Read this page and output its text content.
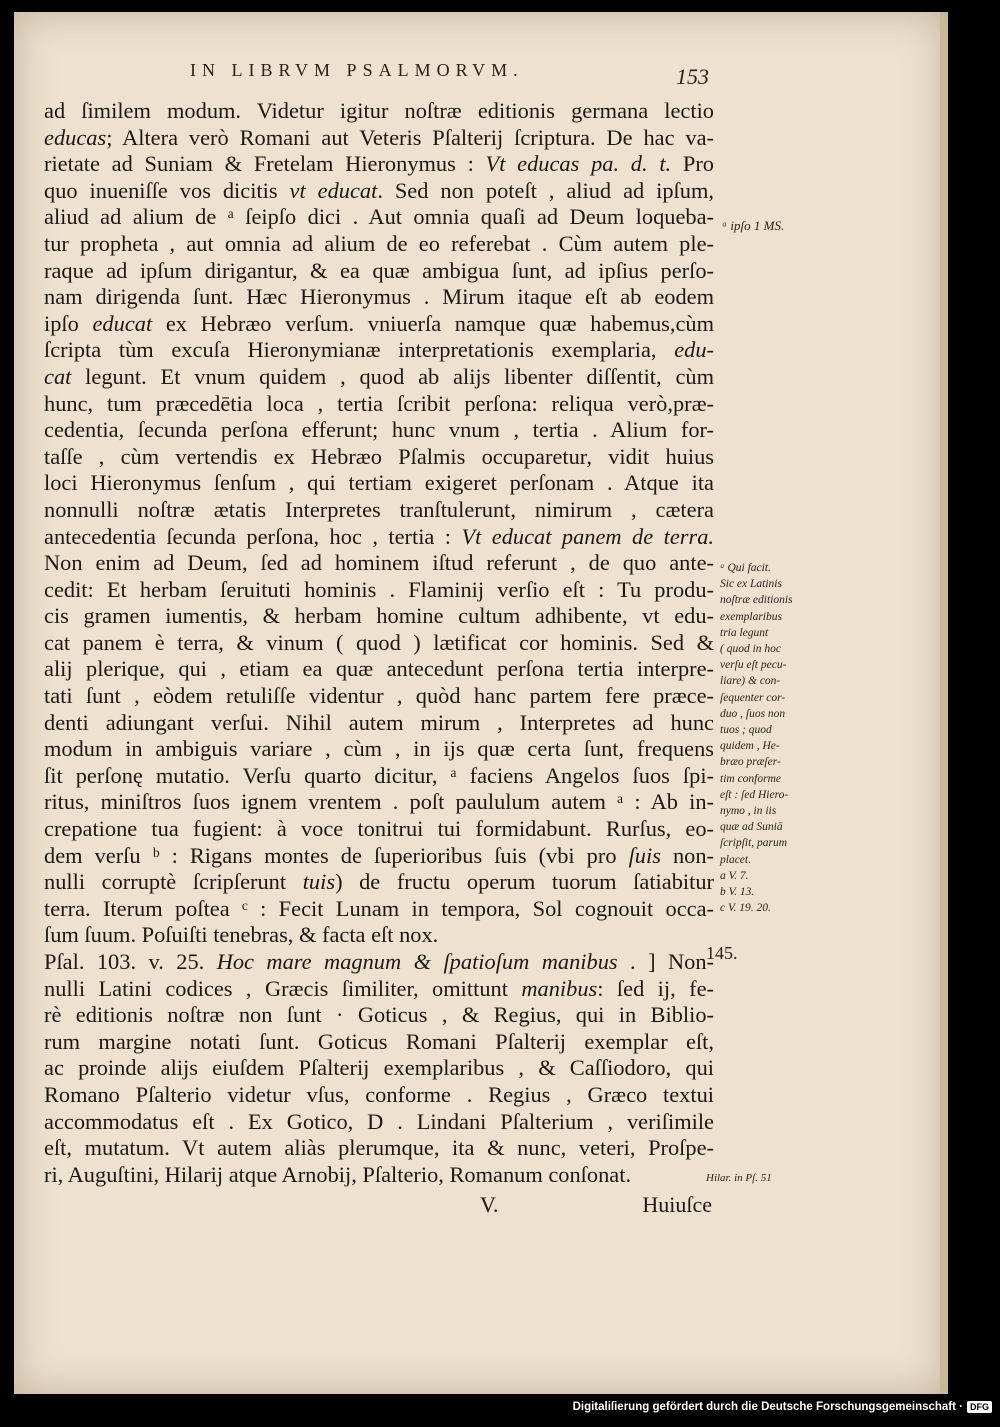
IN LIBRVM PSALMORVM.	153
ad ſimilem modum. Videtur igitur noſtræ editionis germana lectio
educas; Altera verò Romani aut Veteris Pſalterij ſcriptura. De hac va-
rietate ad Suniam & Fretelam Hieronymus : Vt educas pa. d. t. Pro
quo inueniſſe vos dicitis vt educat. Sed non poteſt , aliud ad ipſum,
aliud ad alium de ᵃ ſeipſo dici . Aut omnia quaſi ad Deum loqueba-
tur propheta , aut omnia ad alium de eo referebat . Cùm autem ple-
raque ad ipſum dirigantur, & ea quæ ambigua ſunt, ad ipſius perſo-
nam dirigenda ſunt. Hæc Hieronymus . Mirum itaque eſt ab eodem
ipſo educat ex Hebræo verſum. vniuerſa namque quæ habemus,cùm
ſcripta tùm excuſa Hieronymianæ interpretationis exemplaria, edu-
cat legunt. Et vnum quidem , quod ab alijs libenter diſſentit, cùm
hunc, tum præcedētia loca , tertia ſcribit perſona: reliqua verò,præ-
cedentia, ſecunda perſona efferunt; hunc vnum , tertia . Alium for-
taſſe , cùm vertendis ex Hebræo Pſalmis occuparetur, vidit huius
loci Hieronymus ſenſum , qui tertiam exigeret perſonam . Atque ita
nonnulli noſtræ ætatis Interpretes tranſtulerunt, nimirum , cætera
antecedentia ſecunda perſona, hoc , tertia : Vt educat panem de terra.
Non enim ad Deum, ſed ad hominem iſtud referunt , de quo ante-
cedit: Et herbam ſeruituti hominis . Flaminij verſio eſt : Tu produ-
cis gramen iumentis, & herbam homine cultum adhibente, vt edu-
cat panem è terra, & vinum ( quod ) lætificat cor hominis. Sed &
alij plerique, qui , etiam ea quæ antecedunt perſona tertia interpre-
tati ſunt , eòdem retuliſſe videntur , quòd hanc partem fere præce-
denti adiungant verſui. Nihil autem mirum , Interpretes ad hunc
modum in ambiguis variare , cùm , in ijs quæ certa ſunt, frequens
ſit perſonę mutatio. Verſu quarto dicitur, ᵃ faciens Angelos ſuos ſpi-
ritus, miniſtros ſuos ignem vrentem . poſt paululum autem ᵃ : Ab in-
crepatione tua fugient: à voce tonitrui tui formidabunt. Rurſus, eo-
dem verſu ᵇ : Rigans montes de ſuperioribus ſuis (vbi pro ſuis non-
nulli corruptè ſcripſerunt tuis) de fructu operum tuorum ſatiabitur
terra. Iterum poſtea ᶜ : Fecit Lunam in tempora, Sol cognouit occa-
ſum ſuum. Poſuiſti tenebras, & facta eſt nox.
Pſal. 103. v. 25. Hoc mare magnum & ſpatioſum manibus . ] Non-
nulli Latini codices , Græcis ſimiliter, omittunt manibus: ſed ij, fe-
rè editionis noſtræ non ſunt · Goticus , & Regius, qui in Biblio-
rum margine notati ſunt. Goticus Romani Pſalterij exemplar eſt,
ac proinde alijs eiuſdem Pſalterij exemplaribus , & Caſſiodoro, qui
Romano Pſalterio videtur vſus, conforme . Regius , Græco textui
accommodatus eſt . Ex Gotico, D . Lindani Pſalterium , veriſimile
eſt, mutatum. Vt autem aliàs plerumque, ita & nunc, veteri, Proſpe-
ri, Auguſtini, Hilarij atque Arnobij, Pſalterio, Romanum conſonat.
ᵃ ipſo 1 MS.
ᵃ Qui facit.
Sic ex Latinis
noſtræ editionis
exemplaribus
tria legunt
( quod in hoc
verſu eſt pecu-
liare) & con-
ſequenter cor-
duo , ſuos non
tuos ; quod
quidem , He-
bræo præſer-
tim conforme
eſt : ſed Hiero-
nymo , in iis
quæ ad Suniā
ſcripſit, parum
placet.
a V. 7.
b V. 13.
c V. 19. 20.
145.
Hilar. in Pſ. 51
V.	Huiuſce
Digitaliſierung gefördert durch die Deutsche Forschungsgemeinschaft · DFG
